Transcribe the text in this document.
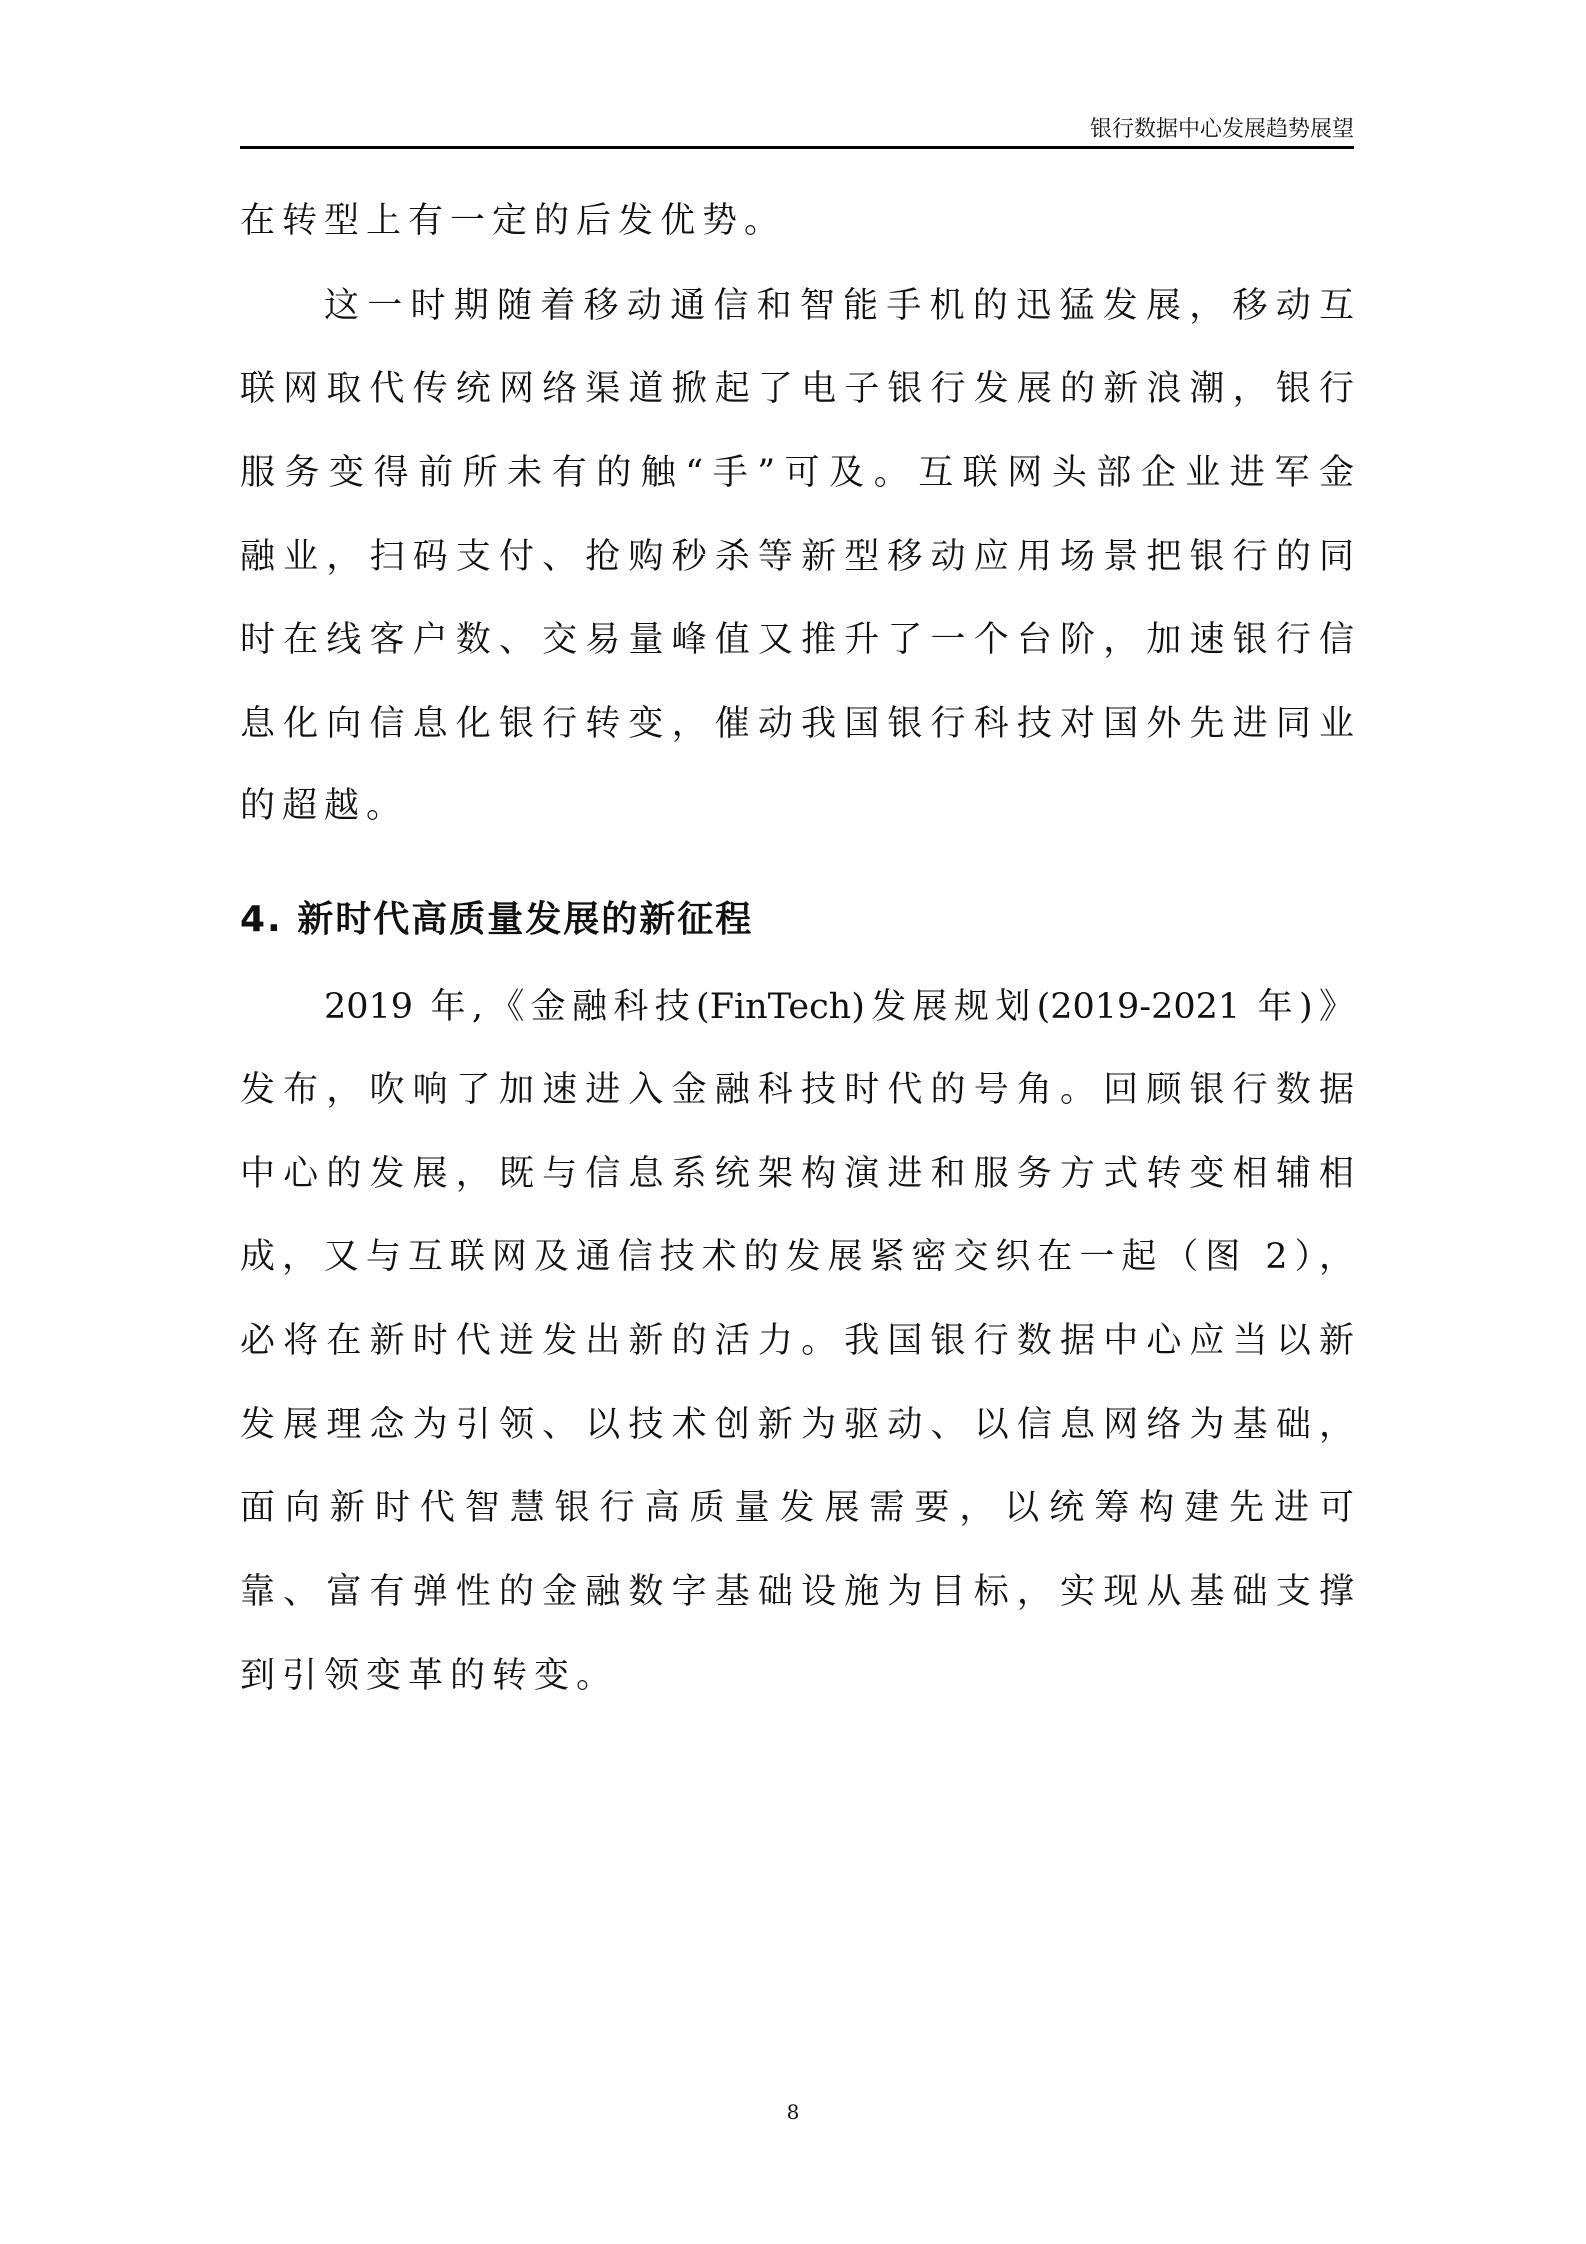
银行数据中心发展趋势展望
在转型上有一定的后发优势。
这一时期随着移动通信和智能手机的迅猛发展，移动互
联网取代传统网络渠道掀起了电子银行发展的新浪潮，银行
服务变得前所未有的触“手”可及。互联网头部企业进军金
融业，扫码支付、抢购秒杀等新型移动应用场景把银行的同
时在线客户数、交易量峰值又推升了一个台阶，加速银行信
息化向信息化银行转变，催动我国银行科技对国外先进同业
的超越。
4. 新时代高质量发展的新征程
2019 年,《金融科技(FinTech)发展规划(2019-2021 年)》
发布，吹响了加速进入金融科技时代的号角。回顾银行数据
中心的发展，既与信息系统架构演进和服务方式转变相辅相
成，又与互联网及通信技术的发展紧密交织在一起（图 2），
必将在新时代迸发出新的活力。我国银行数据中心应当以新
发展理念为引领、以技术创新为驱动、以信息网络为基础，
面向新时代智慧银行高质量发展需要，以统筹构建先进可
靠、富有弹性的金融数字基础设施为目标，实现从基础支撑
到引领变革的转变。
8
